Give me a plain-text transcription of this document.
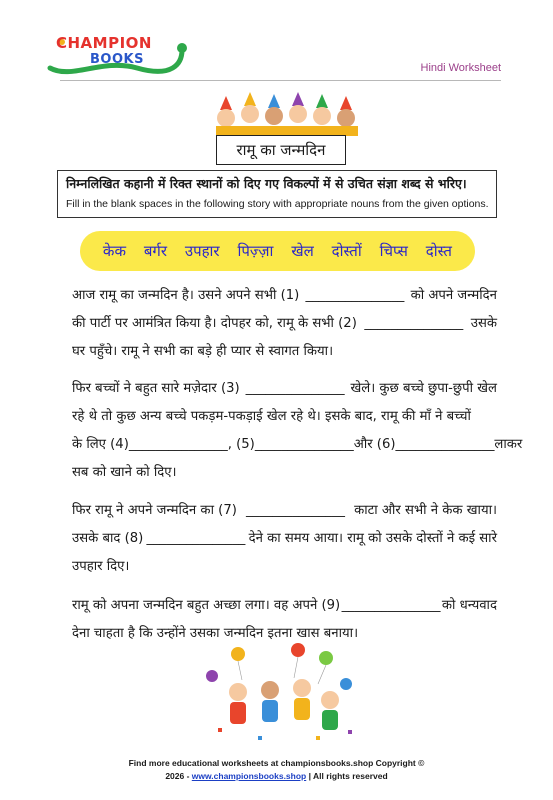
CHAMPION
BOOKS
Hindi Worksheet
रामू का जन्मदिन
निम्नलिखित कहानी में रिक्त स्थानों को दिए गए विकल्पों में से उचित संज्ञा शब्द से भरिए।
Fill in the blank spaces in the following story with appropriate nouns from the given options.
केक बर्गर उपहार पिज़्ज़ा खेल दोस्तों चिप्स दोस्त
आज रामू का जन्मदिन है। उसने अपने सभी (1) _______________ को अपने जन्मदिन
की पार्टी पर आमंत्रित किया है। दोपहर को, रामू के सभी (2) _______________ उसके
घर पहुँचे। रामू ने सभी का बड़े ही प्यार से स्वागत किया।
फिर बच्चों ने बहुत सारे मज़ेदार (3) _______________ खेले। कुछ बच्चे छुपा-छुपी खेल
रहे थे तो कुछ अन्य बच्चे पकड़म-पकड़ाई खेल रहे थे। इसके बाद, रामू की माँ ने बच्चों
के लिए (4) _______________ , (5) _______________ और (6) _______________ लाकर
सब को खाने को दिए।
फिर रामू ने अपने जन्मदिन का (7) _______________ काटा और सभी ने केक खाया।
उसके बाद (8) _______________ देने का समय आया। रामू को उसके दोस्तों ने कई सारे
उपहार दिए।
रामू को अपना जन्मदिन बहुत अच्छा लगा। वह अपने (9) _______________ को धन्यवाद
देना चाहता है कि उन्होंने उसका जन्मदिन इतना खास बनाया।
Find more educational worksheets at championsbooks.shop Copyright ©
2026 - www.championsbooks.shop | All rights reserved
